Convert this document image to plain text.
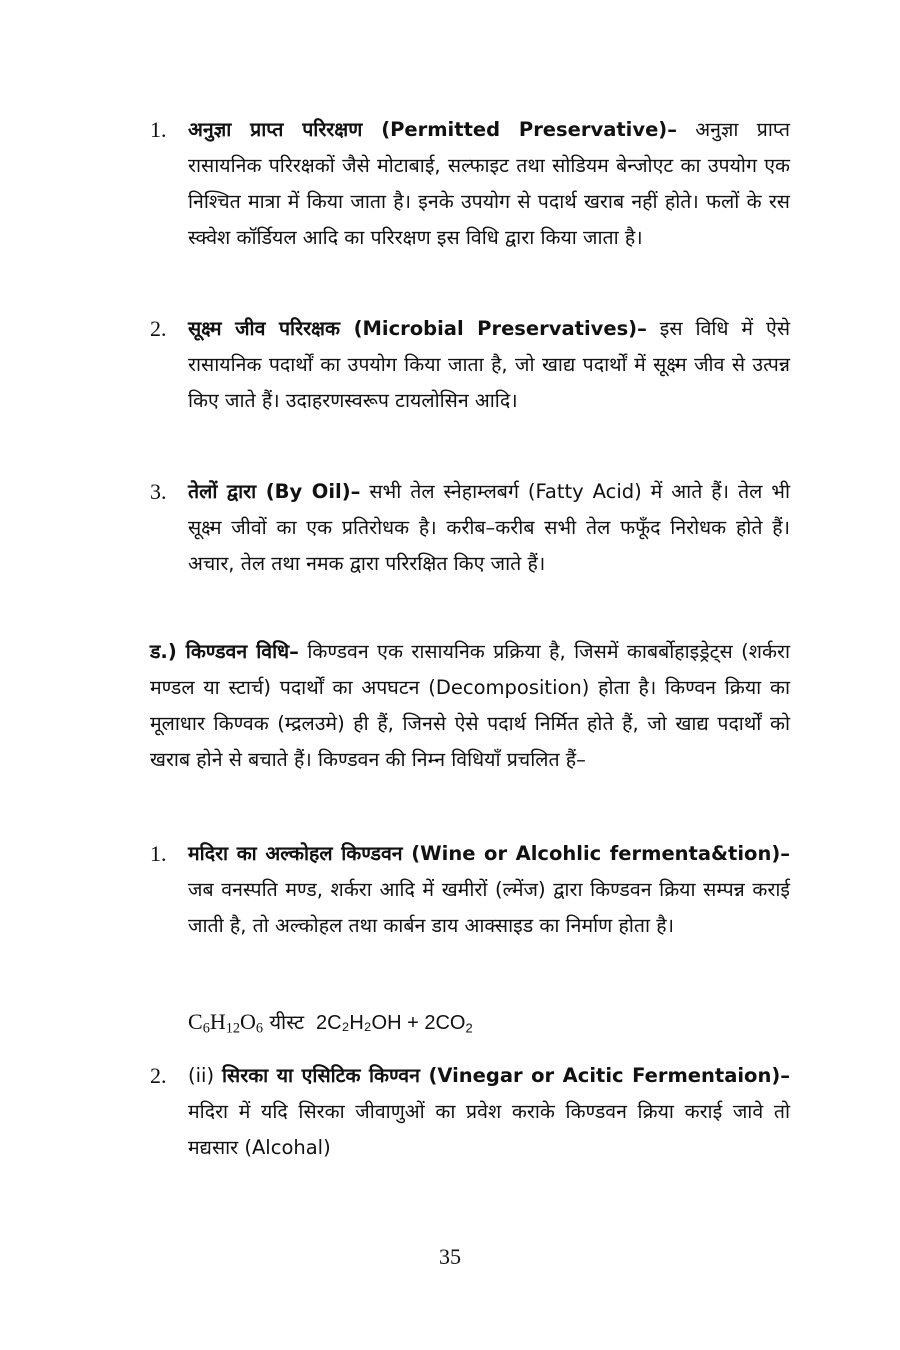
1.	अनुज्ञा प्राप्त परिरक्षण (Permitted Preservative)– अनुज्ञा प्राप्त रासायनिक परिरक्षकों जैसे मोटाबाई, सल्फाइट तथा सोडियम बेन्जोएट का उपयोग एक निश्चित मात्रा में किया जाता है। इनके उपयोग से पदार्थ खराब नहीं होते। फलों के रस स्क्वेश कॉर्डियल आदि का परिरक्षण इस विधि द्वारा किया जाता है।
2.	सूक्ष्म जीव परिरक्षक (Microbial Preservatives)– इस विधि में ऐसे रासायनिक पदार्थों का उपयोग किया जाता है, जो खाद्य पदार्थों में सूक्ष्म जीव से उत्पन्न किए जाते हैं। उदाहरणस्वरूप टायलोसिन आदि।
3.	तेलों द्वारा (By Oil)– सभी तेल स्नेहाम्लबर्ग (Fatty Acid) में आते हैं। तेल भी सूक्ष्म जीवों का एक प्रतिरोधक है। करीब–करीब सभी तेल फफूँद निरोधक होते हैं। अचार, तेल तथा नमक द्वारा परिरक्षित किए जाते हैं।
ड.) किण्डवन विधि– किण्डवन एक रासायनिक प्रक्रिया है, जिसमें काबर्बोहाइड्रेट्स (शर्करा मण्डल या स्टार्च) पदार्थों का अपघटन (Decomposition) होता है। किण्वन क्रिया का मूलाधार किण्वक (म्द्रलउमे) ही हैं, जिनसे ऐसे पदार्थ निर्मित होते हैं, जो खाद्य पदार्थों को खराब होने से बचाते हैं। किण्डवन की निम्न विधियाँ प्रचलित हैं–
1.	मदिरा का अल्कोहल किण्डवन (Wine or Alcohlic fermenta&tion)– जब वनस्पति मण्ड, शर्करा आदि में खमीरों (ल्मेंज) द्वारा किण्डवन क्रिया सम्पन्न कराई जाती है, तो अल्कोहल तथा कार्बन डाय आक्साइड का निर्माण होता है।
$C_6H_{12}O_6$ यीस्ट $2C_2H_2OH + 2CO_2$
2.	(ii) सिरका या एसिटिक किण्वन (Vinegar or Acitic Fermentaion)– मदिरा में यदि सिरका जीवाणुओं का प्रवेश कराके किण्डवन क्रिया कराई जावे तो मद्यसार (Alcohal)
35
